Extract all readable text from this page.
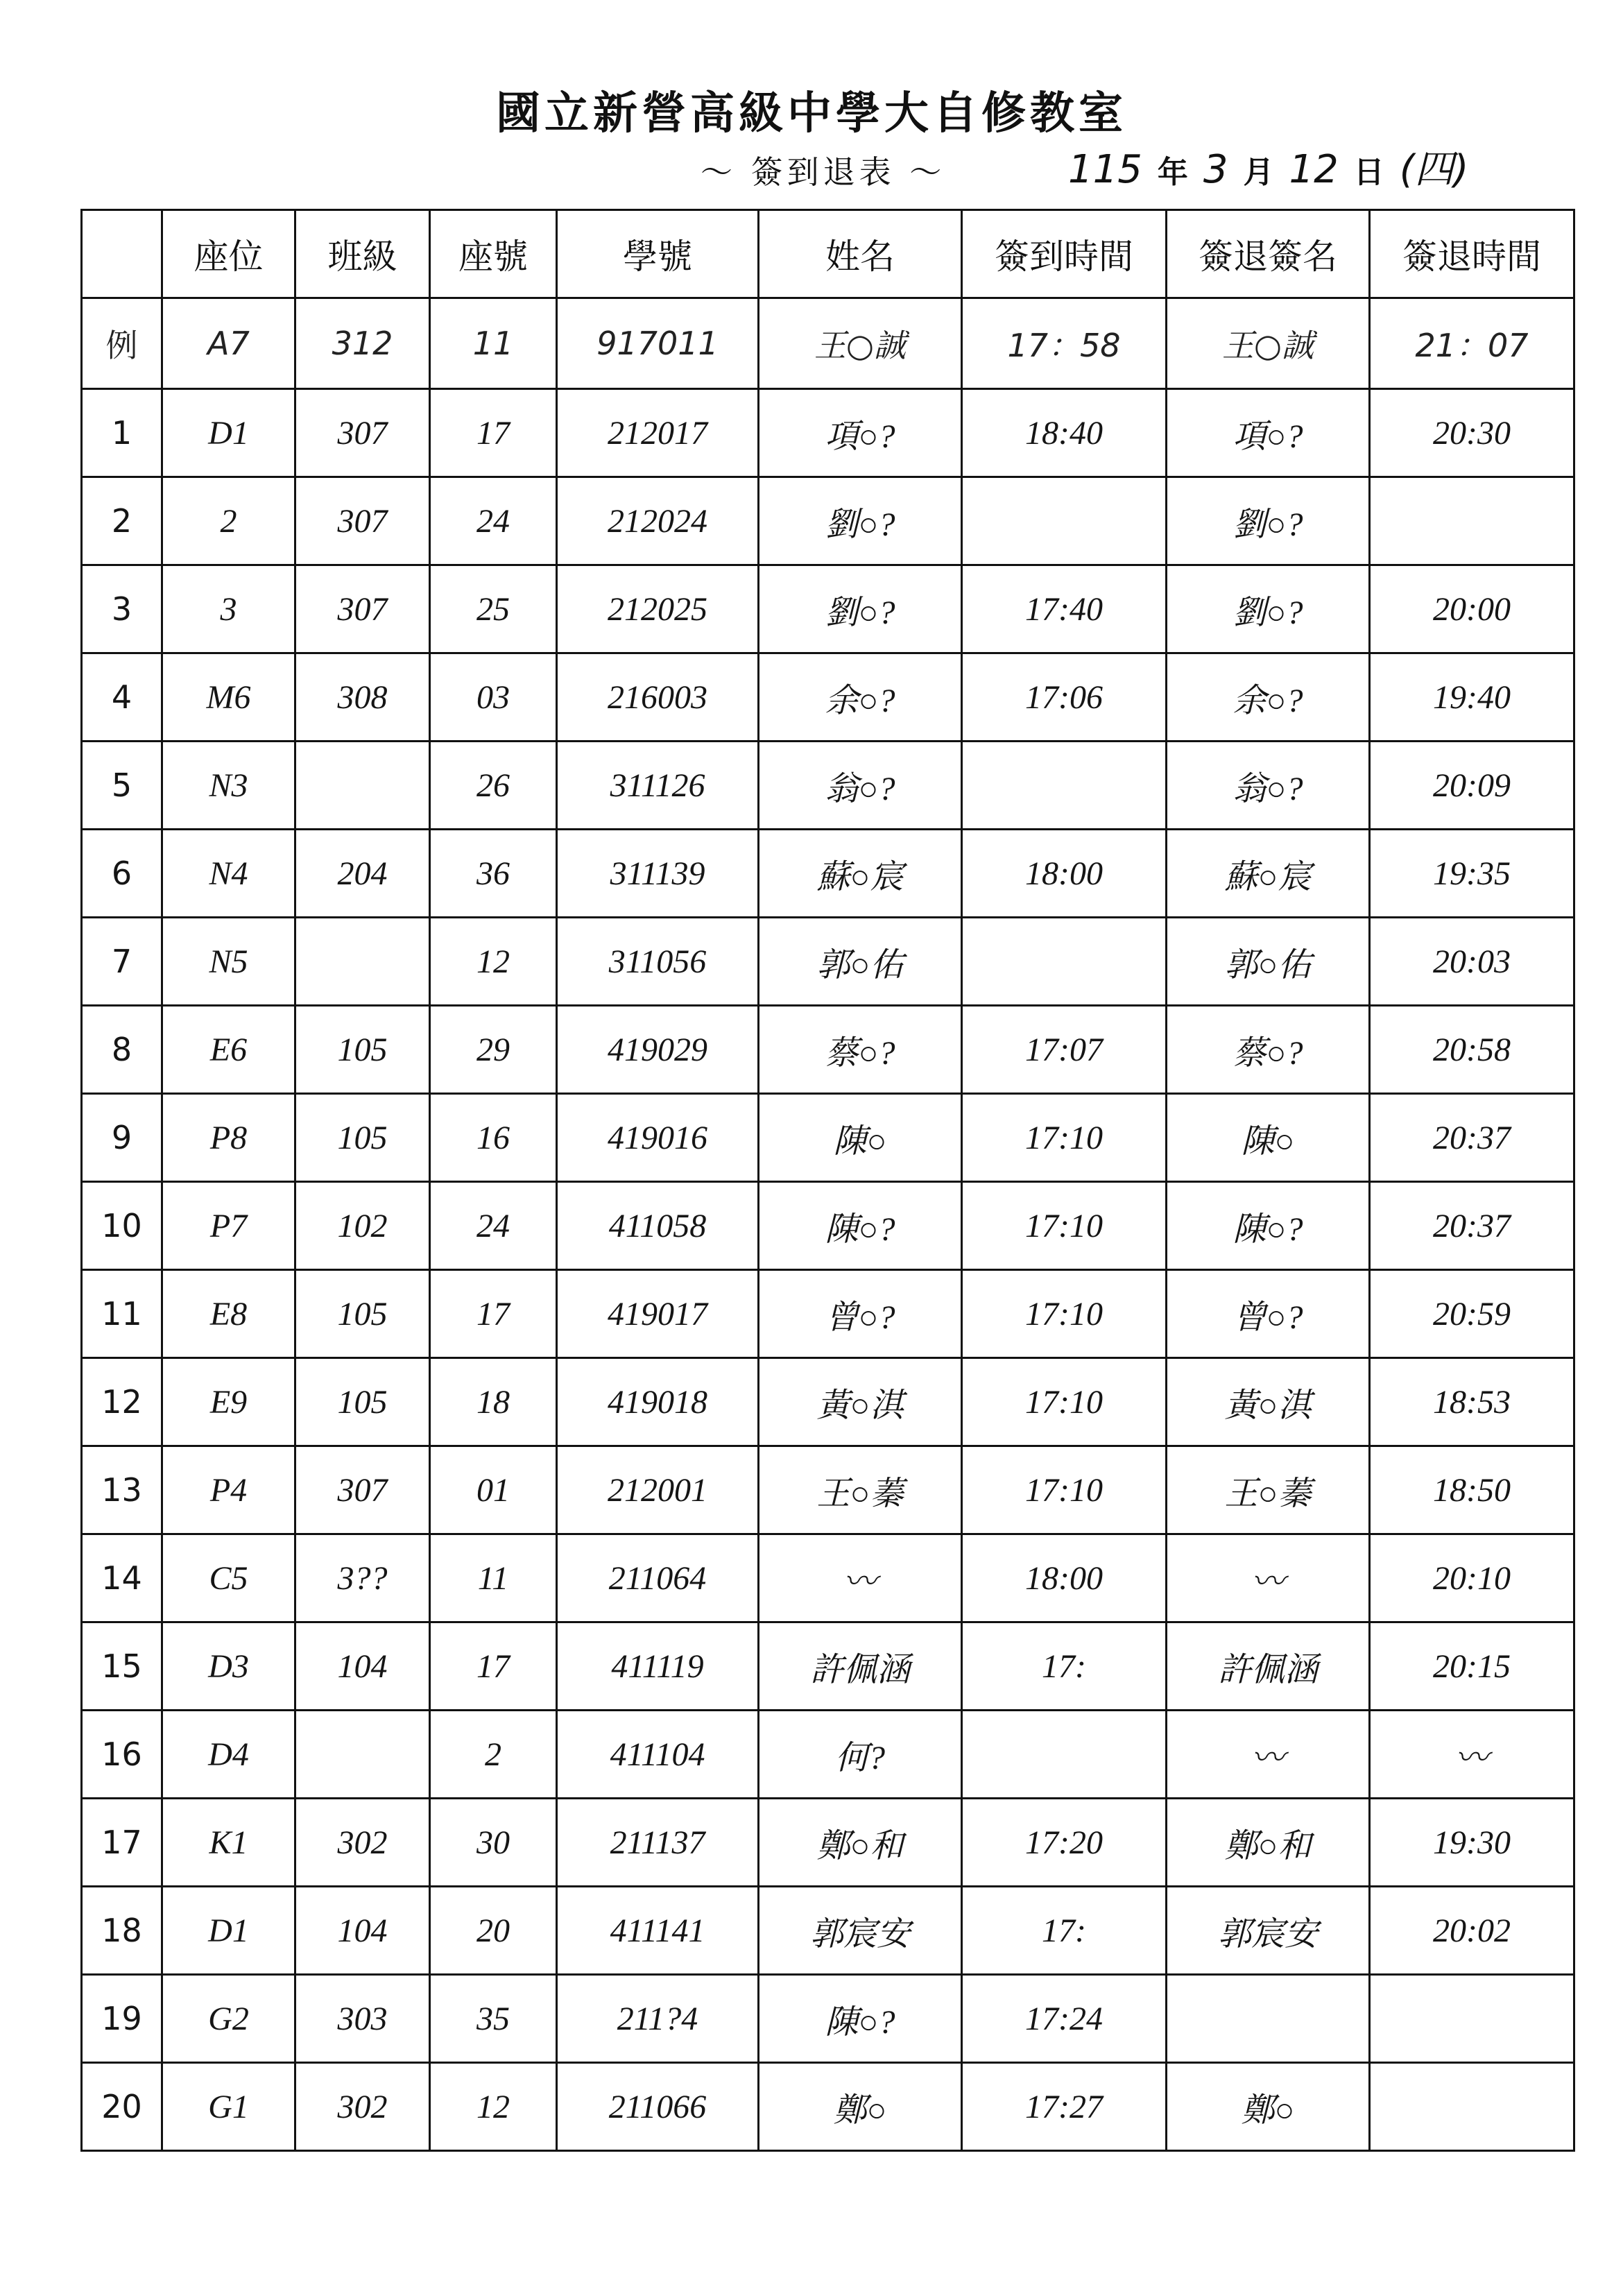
國立新營高級中學大自修教室
～ 簽到退表 ～	115 年 3 月 12 日 (四)
	座位	班級	座號	學號	姓名	簽到時間	簽退簽名	簽退時間
例	A7	312	11	917011	王○誠	17：58	王○誠	21：07
1	D1	307	17	212017	項○?	18:40	項○?	20:30
2	2	307	24	212024	劉○?		劉○?	
3	3	307	25	212025	劉○?	17:40	劉○?	20:00
4	M6	308	03	216003	余○?	17:06	余○?	19:40
5	N3		26	311126	翁○?		翁○?	20:09
6	N4	204	36	311139	蘇○宸	18:00	蘇○宸	19:35
7	N5		12	311056	郭○佑		郭○佑	20:03
8	E6	105	29	419029	蔡○?	17:07	蔡○?	20:58
9	P8	105	16	419016	陳○	17:10	陳○	20:37
10	P7	102	24	411058	陳○?	17:10	陳○?	20:37
11	E8	105	17	419017	曾○?	17:10	曾○?	20:59
12	E9	105	18	419018	黃○淇	17:10	黃○淇	18:53
13	P4	307	01	212001	王○蓁	17:10	王○蓁	18:50
14	C5	3??	11	211064	〰	18:00	〰	20:10
15	D3	104	17	411119	許佩涵	17:	許佩涵	20:15
16	D4		2	411104	何?		〰	〰
17	K1	302	30	211137	鄭○和	17:20	鄭○和	19:30
18	D1	104	20	411141	郭宸安	17:	郭宸安	20:02
19	G2	303	35	211?4	陳○?	17:24		
20	G1	302	12	211066	鄭○	17:27	鄭○	
